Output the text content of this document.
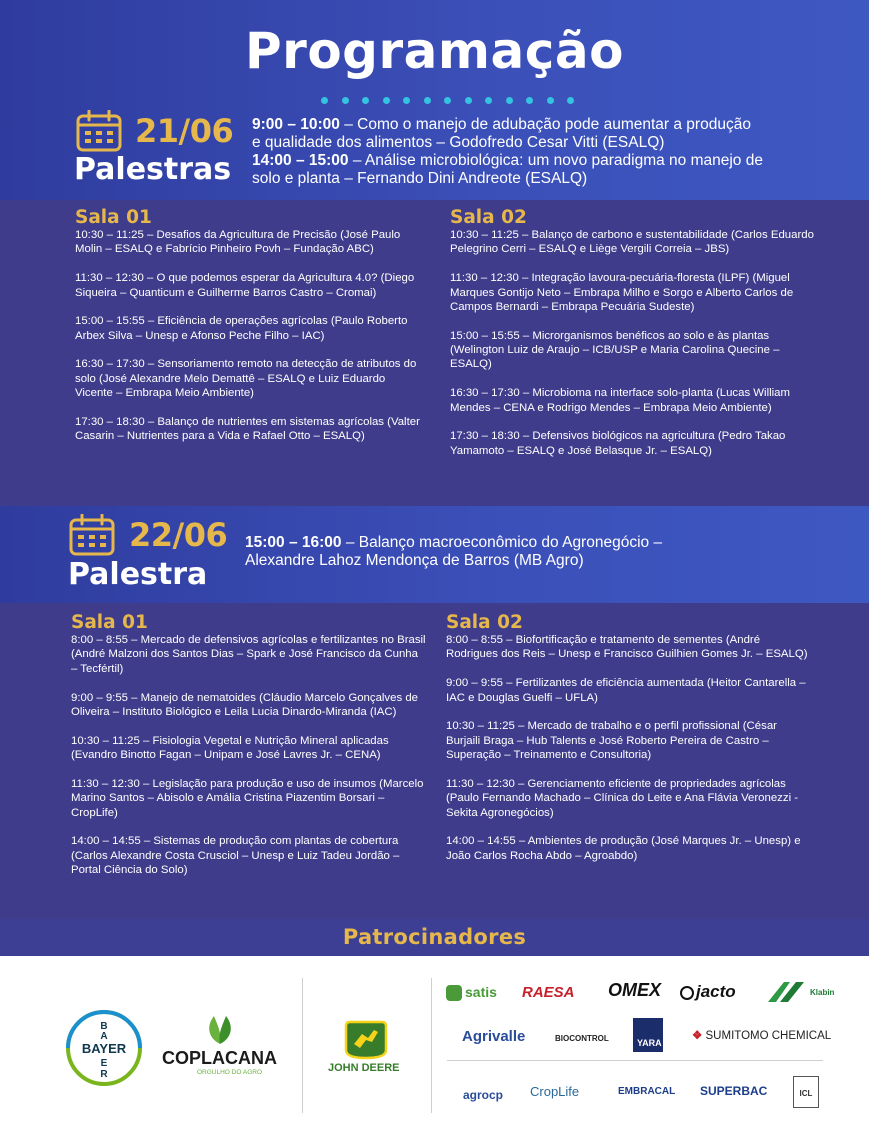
Programação
21/06
Palestras
9:00 – 10:00 – Como o manejo de adubação pode aumentar a produção
e qualidade dos alimentos – Godofredo Cesar Vitti (ESALQ)
14:00 – 15:00 – Análise microbiológica: um novo paradigma no manejo de
solo e planta – Fernando Dini Andreote (ESALQ)
Sala 01
10:30 – 11:25 – Desafios da Agricultura de Precisão (José Paulo Molin – ESALQ e Fabrício Pinheiro Povh – Fundação ABC)
11:30 – 12:30 – O que podemos esperar da Agricultura 4.0? (Diego Siqueira – Quanticum e Guilherme Barros Castro – Cromai)
15:00 – 15:55 – Eficiência de operações agrícolas (Paulo Roberto Arbex Silva – Unesp e Afonso Peche Filho – IAC)
16:30 – 17:30 – Sensoriamento remoto na detecção de atributos do solo (José Alexandre Melo Demattê – ESALQ e Luiz Eduardo Vicente – Embrapa Meio Ambiente)
17:30 – 18:30 – Balanço de nutrientes em sistemas agrícolas (Valter Casarin – Nutrientes para a Vida e Rafael Otto – ESALQ)
Sala 02
10:30 – 11:25 – Balanço de carbono e sustentabilidade (Carlos Eduardo Pelegrino Cerri – ESALQ e Liège Vergili Correia – JBS)
11:30 – 12:30 – Integração lavoura-pecuária-floresta (ILPF) (Miguel Marques Gontijo Neto – Embrapa Milho e Sorgo e Alberto Carlos de Campos Bernardi – Embrapa Pecuária Sudeste)
15:00 – 15:55 – Microrganismos benéficos ao solo e às plantas (Welington Luiz de Araujo – ICB/USP e Maria Carolina Quecine – ESALQ)
16:30 – 17:30 – Microbioma na interface solo-planta (Lucas William Mendes – CENA e Rodrigo Mendes – Embrapa Meio Ambiente)
17:30 – 18:30 – Defensivos biológicos na agricultura (Pedro Takao Yamamoto – ESALQ e José Belasque Jr. – ESALQ)
22/06
Palestra
15:00 – 16:00 – Balanço macroeconômico do Agronegócio –
Alexandre Lahoz Mendonça de Barros (MB Agro)
Sala 01
8:00 – 8:55 – Mercado de defensivos agrícolas e fertilizantes no Brasil (André Malzoni dos Santos Dias – Spark e José Francisco da Cunha – Tecfértil)
9:00 – 9:55 – Manejo de nematoides (Cláudio Marcelo Gonçalves de Oliveira – Instituto Biológico e Leila Lucia Dinardo-Miranda (IAC)
10:30 – 11:25 – Fisiologia Vegetal e Nutrição Mineral aplicadas (Evandro Binotto Fagan – Unipam e José Lavres Jr. – CENA)
11:30 – 12:30 – Legislação para produção e uso de insumos (Marcelo Marino Santos – Abisolo e Amália Cristina Piazentim Borsari – CropLife)
14:00 – 14:55 – Sistemas de produção com plantas de cobertura (Carlos Alexandre Costa Crusciol – Unesp e Luiz Tadeu Jordão – Portal Ciência do Solo)
Sala 02
8:00 – 8:55 – Biofortificação e tratamento de sementes (André Rodrigues dos Reis – Unesp e Francisco Guilhien Gomes Jr. – ESALQ)
9:00 – 9:55 – Fertilizantes de eficiência aumentada (Heitor Cantarella – IAC e Douglas Guelfi – UFLA)
10:30 – 11:25 – Mercado de trabalho e o perfil profissional (César Burjaili Braga – Hub Talents e José Roberto Pereira de Castro – Superação – Treinamento e Consultoria)
11:30 – 12:30 – Gerenciamento eficiente de propriedades agrícolas (Paulo Fernando Machado – Clínica do Leite e Ana Flávia Veronezzi - Sekita Agronegócios)
14:00 – 14:55 – Ambientes de produção (José Marques Jr. – Unesp) e João Carlos Rocha Abdo – Agroabdo)
Patrocinadores
BAYER
B
A
E
R
COPLACANA
ORGULHO DO AGRO	JOHN DEERE
satis RAESA OMEX	jacto	Klabin
Agrivalle	BIOCONTROL	YARA
❖ SUMITOMO CHEMICAL
agrocp CropLife	EMBRACAL SUPERBAC	ICL
